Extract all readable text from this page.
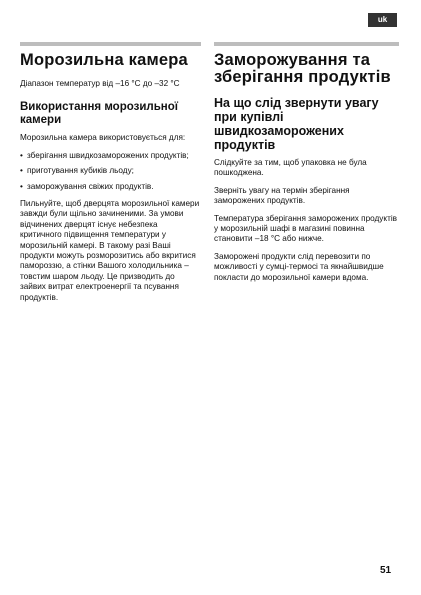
uk
Морозильна камера

Діапазон температур від –16 °C до –32 °C

Використання морозильної камери

Морозильна камера використовується для:

• зберігання швидкозаморожених продуктів;
• приготування кубиків льоду;
• заморожування свіжих продуктів.

Пильнуйте, щоб дверцята морозильної камери завжди були щільно зачиненими. За умови відчинених дверцят існує небезпека критичного підвищення температури у морозильній камері. В такому разі Ваші продукти можуть розморозитись або вкритися памороззю, а стінки Вашого холодильника – товстим шаром льоду. Це призводить до зайвих витрат електроенергії та псування продуктів.

Заморожування та зберігання продуктів
На що слід звернути увагу при купівлі швидкозаморожених продуктів

Слідкуйте за тим, щоб упаковка не була пошкоджена.

Зверніть увагу на термін зберігання заморожених продуктів.

Температура зберігання заморожених продуктів у морозильній шафі в магазині повинна становити –18 °C або нижче.

Заморожені продукти слід перевозити по можливості у сумці-термосі та якнайшвидше покласти до морозильної камери вдома.

51
